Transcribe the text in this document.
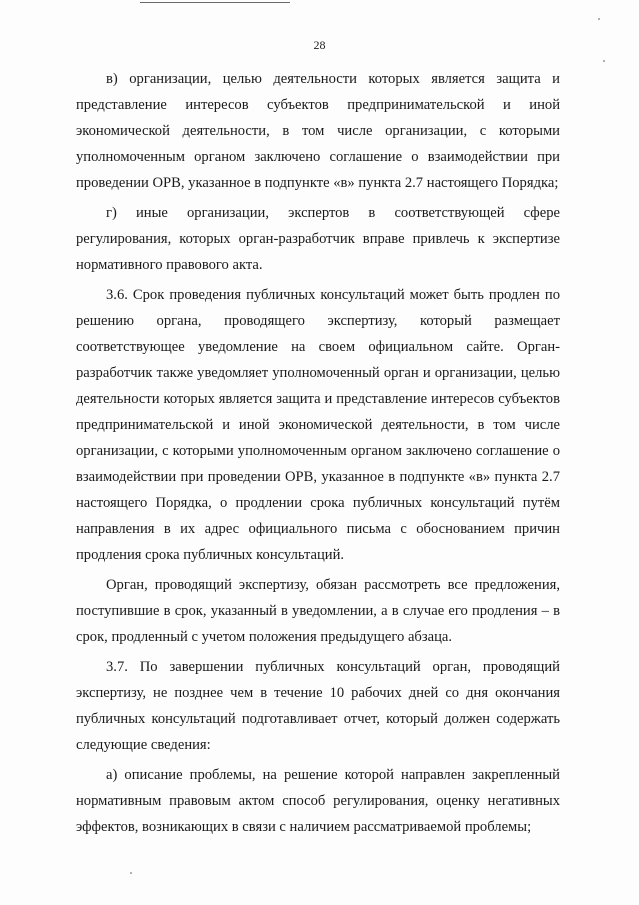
28

в) организации, целью деятельности которых является защита и представление интересов субъектов предпринимательской и иной экономической деятельности, в том числе организации, с которыми уполномоченным органом заключено соглашение о взаимодействии при проведении ОРВ, указанное в подпункте «в» пункта 2.7 настоящего Порядка;

г) иные организации, экспертов в соответствующей сфере регулирования, которых орган-разработчик вправе привлечь к экспертизе нормативного правового акта.

3.6. Срок проведения публичных консультаций может быть продлен по решению органа, проводящего экспертизу, который размещает соответствующее уведомление на своем официальном сайте. Орган-разработчик также уведомляет уполномоченный орган и организации, целью деятельности которых является защита и представление интересов субъектов предпринимательской и иной экономической деятельности, в том числе организации, с которыми уполномоченным органом заключено соглашение о взаимодействии при проведении ОРВ, указанное в подпункте «в» пункта 2.7 настоящего Порядка, о продлении срока публичных консультаций путём направления в их адрес официального письма с обоснованием причин продления срока публичных консультаций.

Орган, проводящий экспертизу, обязан рассмотреть все предложения, поступившие в срок, указанный в уведомлении, а в случае его продления – в срок, продленный с учетом положения предыдущего абзаца.

3.7. По завершении публичных консультаций орган, проводящий экспертизу, не позднее чем в течение 10 рабочих дней со дня окончания публичных консультаций подготавливает отчет, который должен содержать следующие сведения:

а) описание проблемы, на решение которой направлен закрепленный нормативным правовым актом способ регулирования, оценку негативных эффектов, возникающих в связи с наличием рассматриваемой проблемы;
